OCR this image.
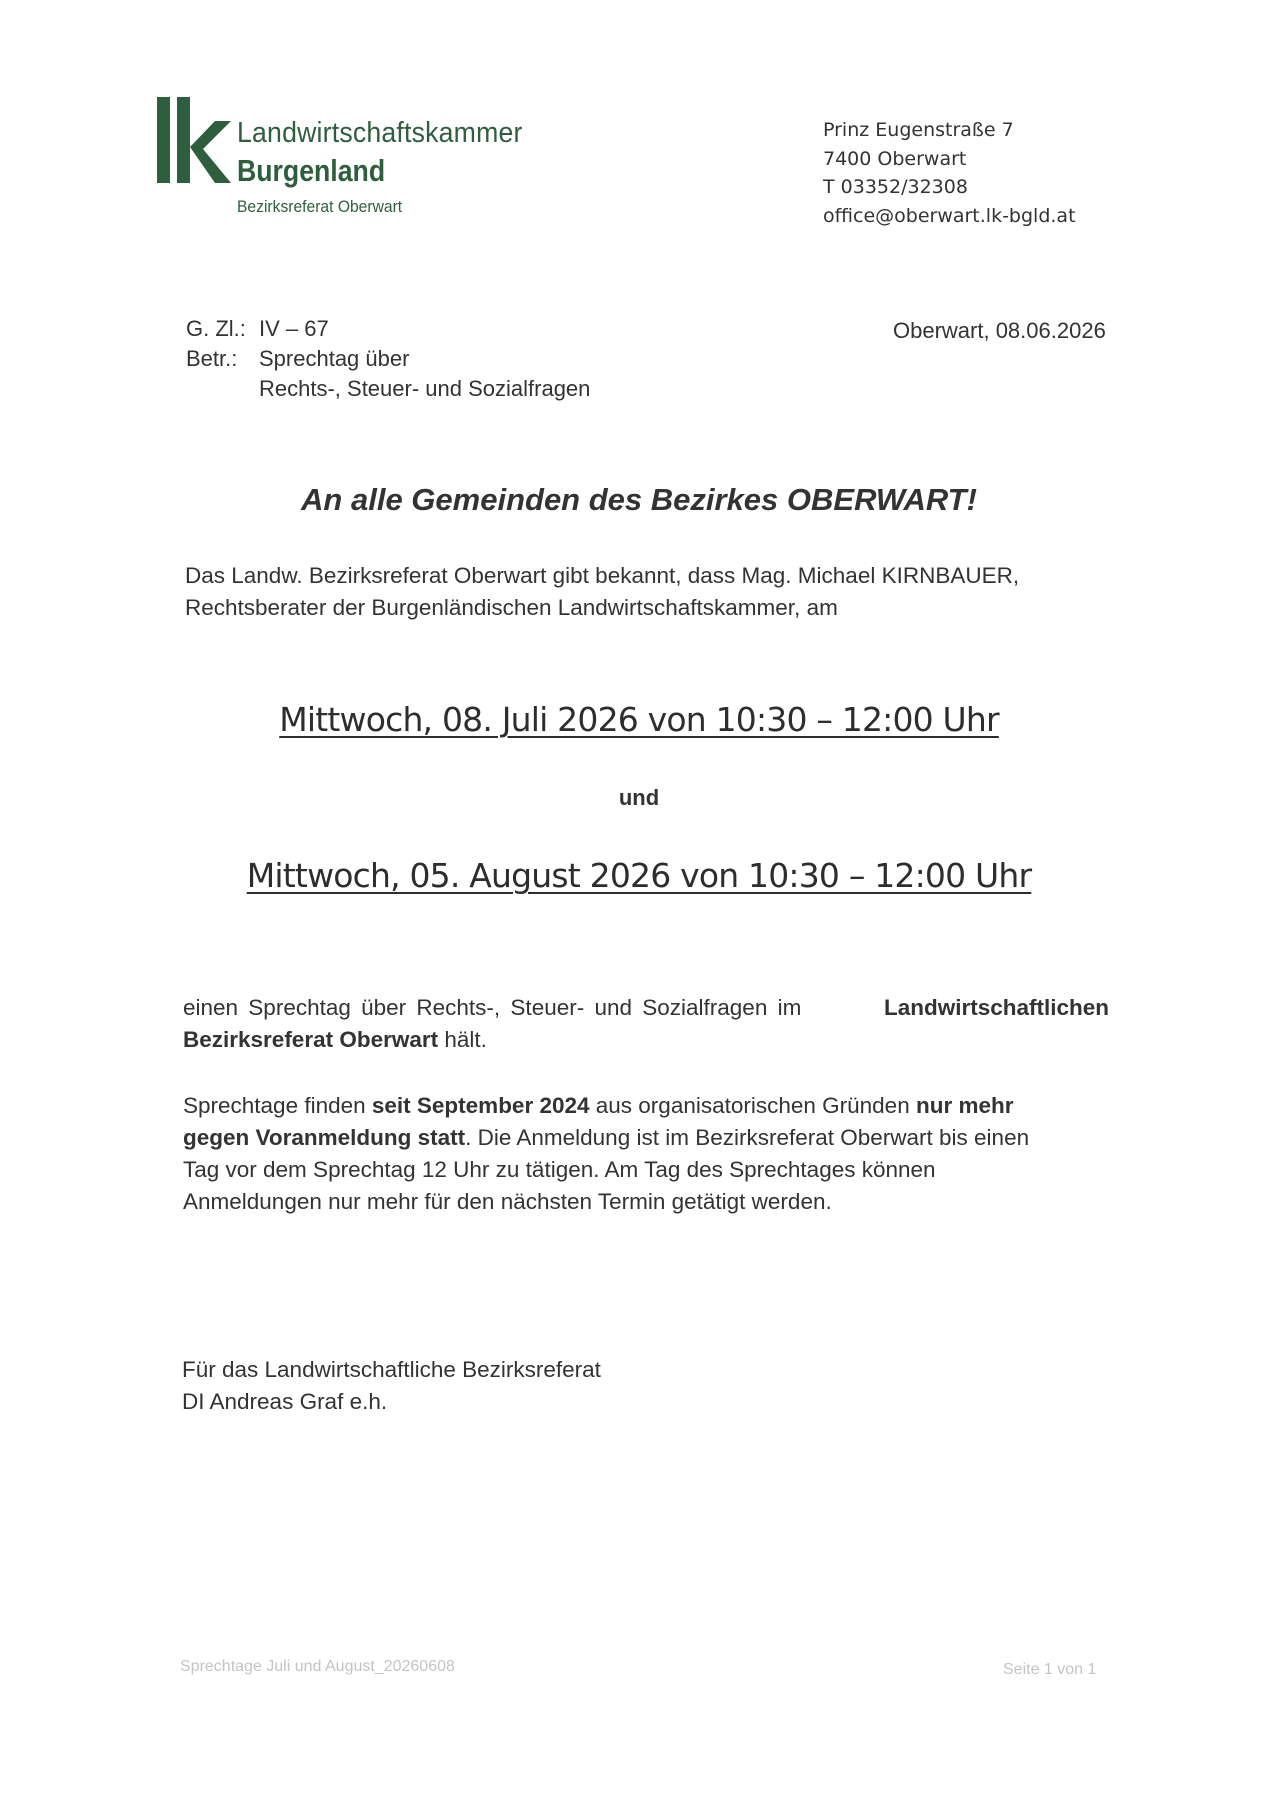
Landwirtschaftskammer
Burgenland
Bezirksreferat Oberwart
Prinz Eugenstraße 7
7400 Oberwart
T 03352/32308
office@oberwart.lk-bgld.at
G. Zl.: IV – 67
Betr.: Sprechtag über
Rechts-, Steuer- und Sozialfragen
Oberwart, 08.06.2026
An alle Gemeinden des Bezirkes OBERWART!
Das Landw. Bezirksreferat Oberwart gibt bekannt, dass Mag. Michael KIRNBAUER,
Rechtsberater der Burgenländischen Landwirtschaftskammer, am
Mittwoch, 08. Juli 2026 von 10:30 – 12:00 Uhr
und
Mittwoch, 05. August 2026 von 10:30 – 12:00 Uhr
einen Sprechtag über Rechts-, Steuer- und Sozialfragen im	Landwirtschaftlichen
Bezirksreferat Oberwart hält.
Sprechtage finden seit September 2024 aus organisatorischen Gründen nur mehr
gegen Voranmeldung statt. Die Anmeldung ist im Bezirksreferat Oberwart bis einen
Tag vor dem Sprechtag 12 Uhr zu tätigen. Am Tag des Sprechtages können
Anmeldungen nur mehr für den nächsten Termin getätigt werden.
Für das Landwirtschaftliche Bezirksreferat
DI Andreas Graf e.h.
Sprechtage Juli und August_20260608	Seite 1 von 1
